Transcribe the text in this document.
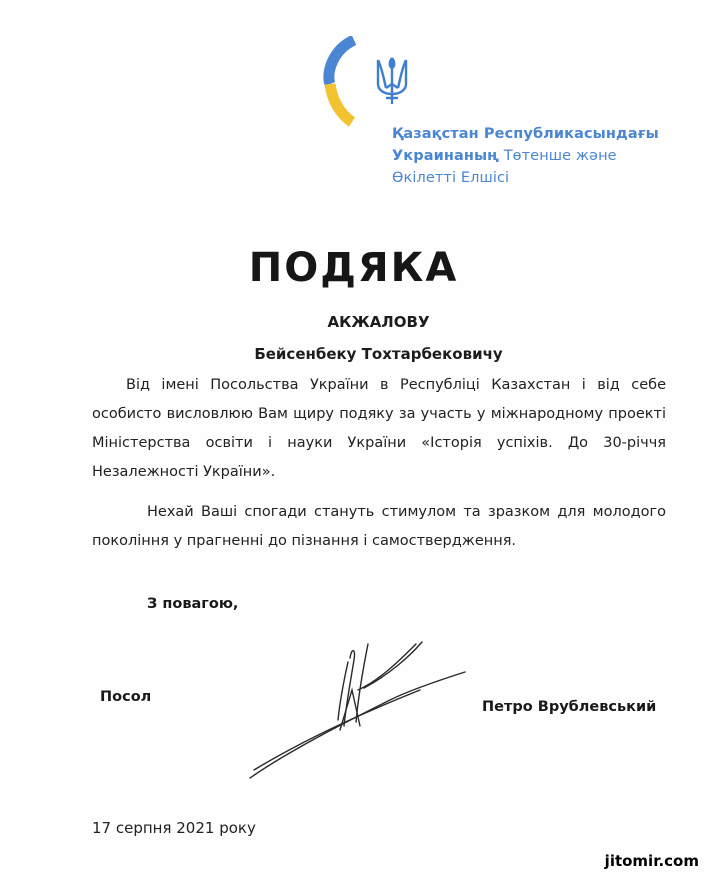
Қазақстан Республикасындағы
Украинаның Төтенше және
Өкілетті Елшісі
ПОДЯКА
АКЖАЛОВУ
Бейсенбеку Тохтарбековичу
Від імені Посольства України в Республіці Казахстан і від себе особисто висловлюю Вам щиру подяку за участь у міжнародному проекті Міністерства освіти і науки України «Історія успіхів. До 30-річчя Незалежності України».
Нехай Ваші спогади стануть стимулом та зразком для молодого покоління у прагненні до пізнання і самоствердження.
З повагою,
Посол
Петро Врублевський
17 серпня 2021 року
jitomir.com
